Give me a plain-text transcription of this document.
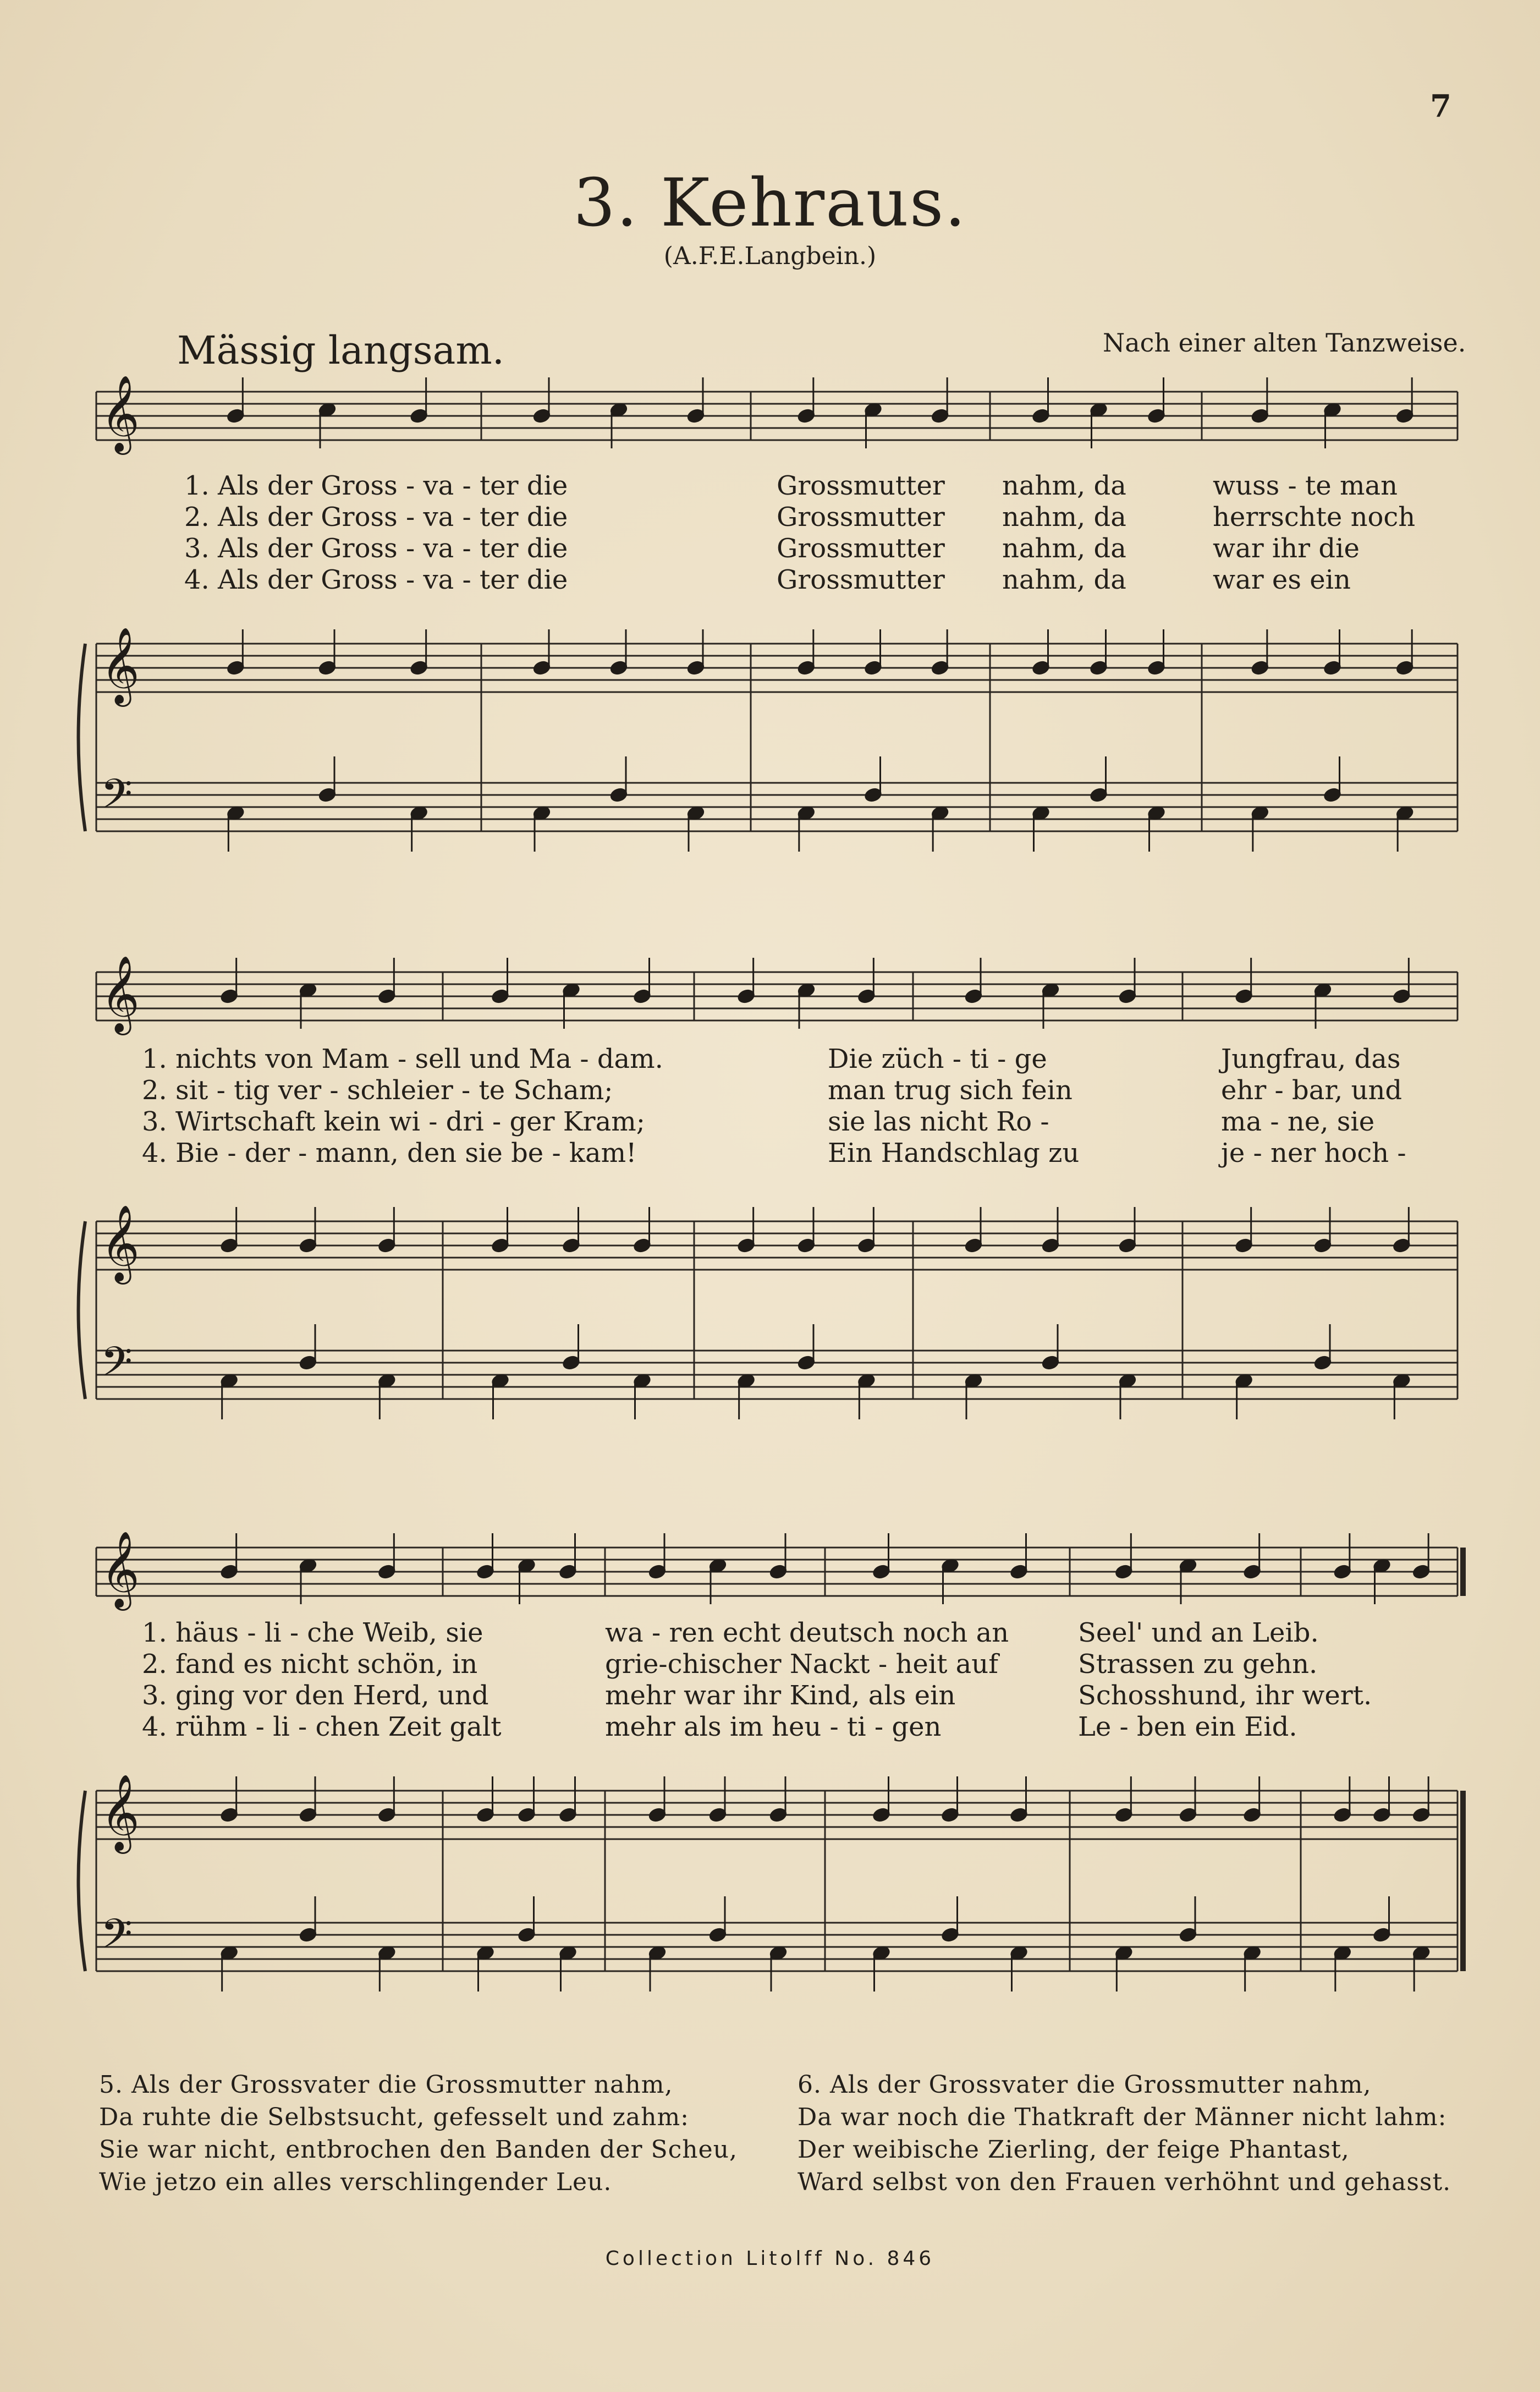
7
3. Kehraus.
(A.F.E.Langbein.)
Mässig langsam.	Nach einer alten Tanzweise.
𝄞
𝄞
𝄢
𝄞
𝄞
𝄢
𝄞
𝄞
𝄢
1. Als der Gross - va - ter die
2. Als der Gross - va - ter die
3. Als der Gross - va - ter die
4. Als der Gross - va - ter die
Grossmutter
Grossmutter
Grossmutter
Grossmutter
nahm, da
nahm, da
nahm, da
nahm, da
wuss - te man
herrschte noch
war ihr die
war es ein
1. nichts von Mam - sell und Ma - dam.
2. sit - tig ver - schleier - te Scham;
3. Wirtschaft kein wi - dri - ger Kram;
4. Bie - der - mann, den sie be - kam!
Die züch - ti - ge
man trug sich fein
sie las nicht Ro -
Ein Handschlag zu
Jungfrau, das
ehr - bar, und
ma - ne, sie
je - ner hoch -
1. häus - li - che Weib, sie
2. fand es nicht schön, in
3. ging vor den Herd, und
4. rühm - li - chen Zeit galt
wa - ren echt deutsch noch an
grie-chischer Nackt - heit auf
mehr war ihr Kind, als ein
mehr als im heu - ti - gen
Seel' und an Leib.
Strassen zu gehn.
Schosshund, ihr wert.
Le - ben ein Eid.
5. Als der Grossvater die Grossmutter nahm,
Da ruhte die Selbstsucht, gefesselt und zahm:
Sie war nicht, entbrochen den Banden der Scheu,
Wie jetzo ein alles verschlingender Leu.
6. Als der Grossvater die Grossmutter nahm,
Da war noch die Thatkraft der Männer nicht lahm:
Der weibische Zierling, der feige Phantast,
Ward selbst von den Frauen verhöhnt und gehasst.
Collection Litolff No. 846
